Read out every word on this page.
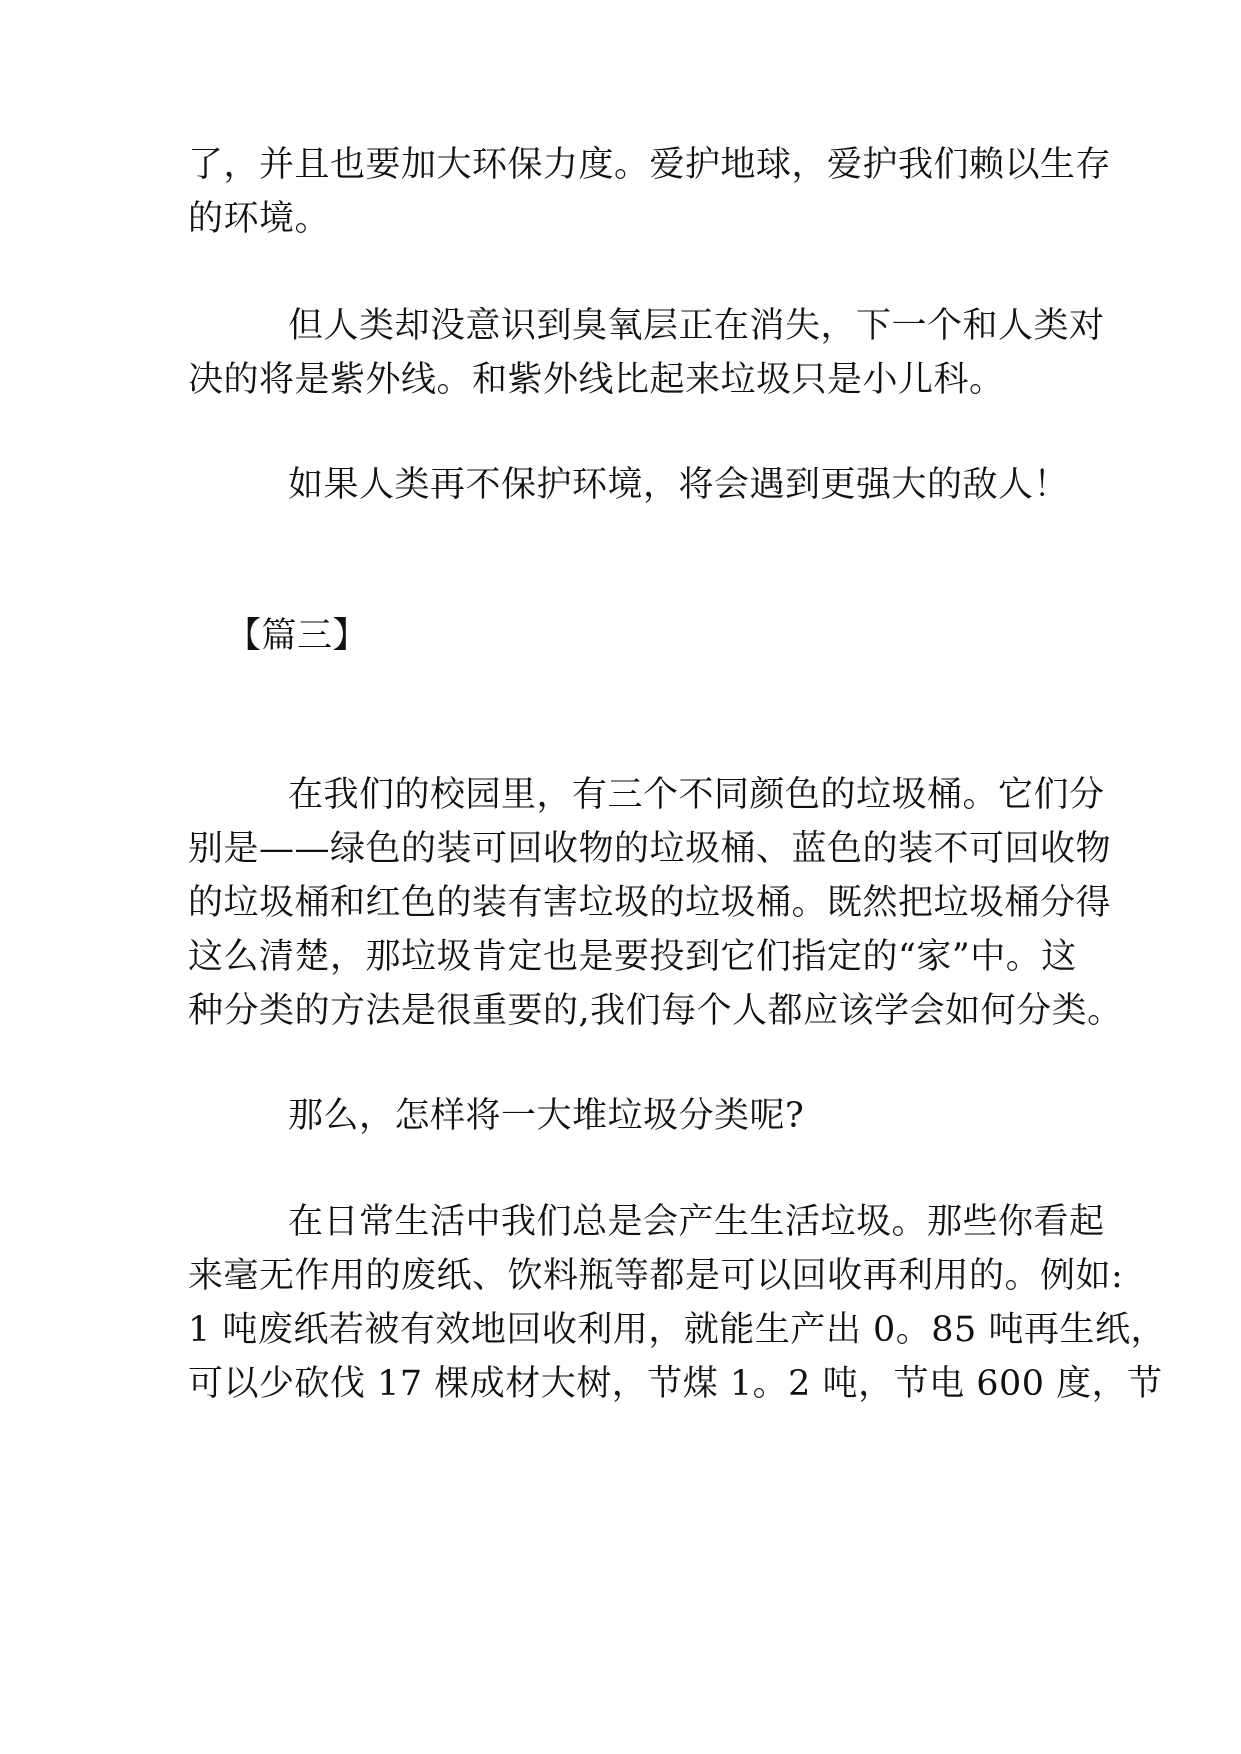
了，并且也要加大环保力度。爱护地球，爱护我们赖以生存
的环境。
但人类却没意识到臭氧层正在消失，下一个和人类对
决的将是紫外线。和紫外线比起来垃圾只是小儿科。
如果人类再不保护环境，将会遇到更强大的敌人！
【篇三】
在我们的校园里，有三个不同颜色的垃圾桶。它们分
别是——绿色的装可回收物的垃圾桶、蓝色的装不可回收物
的垃圾桶和红色的装有害垃圾的垃圾桶。既然把垃圾桶分得
这么清楚，那垃圾肯定也是要投到它们指定的“家”中。这
种分类的方法是很重要的,我们每个人都应该学会如何分类。
那么，怎样将一大堆垃圾分类呢?
在日常生活中我们总是会产生生活垃圾。那些你看起
来毫无作用的废纸、饮料瓶等都是可以回收再利用的。例如:
1 吨废纸若被有效地回收利用，就能生产出 0。85 吨再生纸，
可以少砍伐 17 棵成材大树，节煤 1。2 吨，节电 600 度，节
